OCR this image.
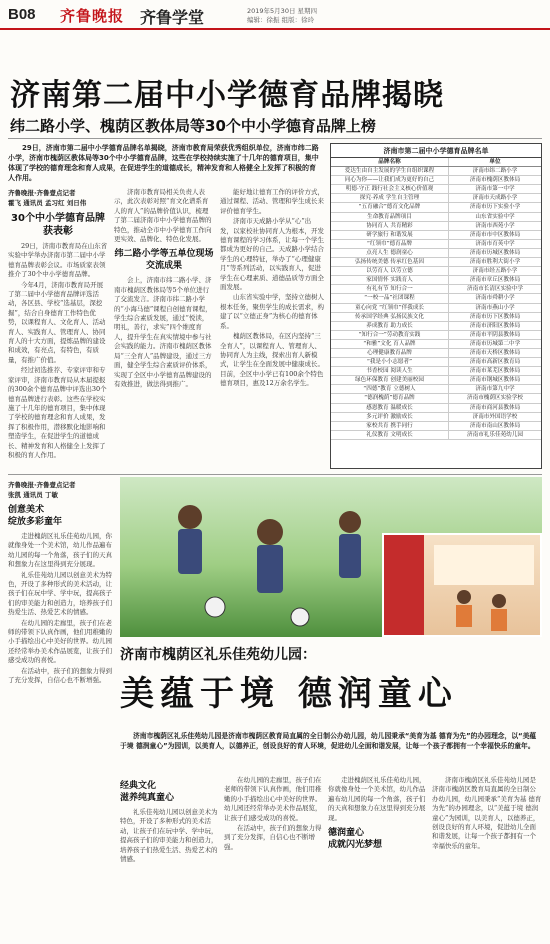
B08 齐鲁晚报 齐鲁学堂	2019年5月30日 星期四
编辑：徐振 组版：徐玲
济南第二届中小学德育品牌揭晓
纬二路小学、槐荫区教体局等30个中小学德育品牌上榜

29日，济南市第二届中小学德育品牌名单揭晓，济南市教育局荣获优秀组织单位，济南市纬二路小学，济南市槐荫区教体局等30个中小学德育品牌，这些在学校持续实施了十几年的德育项目，集中体现了学校的德育理念和育人成果，在促进学生的道德成长，精神发育和人格健全上发挥了积极的育人作用。

齐鲁晚报·齐鲁壹点记者
霍飞 通讯员 孟习红 刘日伟
30个中小学德育品牌获表彰

29日，济南市教育局在山东省实验中学举办济南市第二届中小学德育品牌表彰会议。市场质家表领推介了30个中小学德育品牌。

今年4月，济南市教育局开展了第二届中小学德育品牌评选活动，各区县、学校“选基层，深挖掘”，结合自身德育工作特色优势，以课程育人、文化育人、活动育人、实践育人、管理育人、协同育人的十大方面，提炼品牌的建设和成效，有亮点，有特色，有质量，有推广价值。

经过初选推荐、专家评审和专家评审，济南市教育局从本届提报的300余个德育品牌中评选出30个德育品牌进行表彰。这些在学校实施了十几年的德育项目，集中体现了学校的德育理念和育人成果，发挥了积极作用，潜移默化地影响和塑造学生，在促进学生的道德成长、精神发育和人格健全上发挥了积极的育人作用。

济南市教育局相关负责人表示，此次表彰对照“育文化谱系育人的育人”的品牌价值认识，梳理了第二届济南市中小学德育品牌的特色，推动全市中小学德育工作向更实效、品牌化、特色化发展。

纬二路小学等五单位现场交流成果

会上，济南市纬二路小学、济南市槐荫区教体局等5个单位进行了交流发言。济南市纬二路小学的“小海马德”课程自创德育课程，学生综合素质发展，通过“悦读，明礼，善行，求实”四个维度育人，提升学生在真实情境中参与社会实践的能力。济南市槐荫区教体局“三全育人”品牌建设，通过三方面，健全学生综合素质评价体系，实现了全区中小学德育品牌建设的有效推进，做法得到推广。

能好地让德育工作的评价方式，通过课程、活动、管理和学生成长来评价德育学生。

济南市天成路小学从“心”出发，以家校社协同育人为根本，开发德育课程的学习体系，让每一个学生都成为更好的自己。天成路小学结合学生的心理特征，举办了“心理健康月”等系列活动，以实践育人，促进学生在心理素质、道德品质等方面全面发展。

山东省实验中学，坚持立德树人根本任务，聚焦学生的成长需求，构建了以“立德正身”为核心的德育体系。

槐荫区教体局，在区内坚持“三全育人”，以课程育人、管理育人、协同育人为主线，探索出育人新模式，让学生在全面发展中健康成长。目前，全区中小学已有100余个特色德育项目，惠及12万余名学生。

济南市第二届中小学德育品牌名单
品牌名称	单位
爱达生由自主发展的学生自组织课程	济南市纬二路小学
同心为你——让我们成为更好的自己	济南市槐荫区教体局
明德·守正 践行社会主义核心价值观	济南市第一中学
探究·养成 学生自主管理	济南市天成路小学
“五育融合”德育文化品牌	济南市历下实验小学
生命教育品牌项目	山东省实验中学
协同育人 共育精彩	济南市西苑小学
研学旅行 和谐发展	济南市市中区教体局
“红领巾”德育品牌	济南市育英中学
点亮人生 德润童心	济南市历城区教体局
弘扬传统美德 传承红色基因	济南市胜利大街小学
以劳育人 以劳立德	济南市经五路小学
家国情怀 实践育人	济南市章丘区教体局
有礼有节 知行合一	济南市长清区实验中学
“一校一品”社团课程	济南市舜耕小学
童心向党 “红领巾”伴我成长	济南市燕山小学
传承国学经典 弘扬民族文化	济南市历下区教体局
养成教育 助力成长	济南市济阳区教体局
“知行合一”劳动教育实践	济南市平阴县教体局
“和雅”文化 育人品牌	济南市历城第二中学
心理健康教育品牌	济南市天桥区教体局
“我是小小志愿者”	济南市高新区教育局
书香校园 阅读人生	济南市莱芜区教体局
绿色环保教育 创建美丽校园	济南市钢城区教体局
“四德”教育 立德树人	济南市第九中学
“德润槐荫”德育品牌	济南市槐荫区实验学校
感恩教育 温暖成长	济南市商河县教体局
多元评价 激励成长	济南市外国语学校
家校共育 携手同行	济南市南山区教体局
礼仪教育 文明成长	济南市礼乐佳苑幼儿园
齐鲁晚报·齐鲁壹点记者
张凯 通讯员 丁敏
创意美术
绽放多彩童年

走进槐荫区礼乐佳苑幼儿园，你就像身处一个美术馆，幼儿作品遍布幼儿园的每一个角落，孩子们的天真和想象力在这里得到充分展现。

礼乐佳苑幼儿园以创意美术为特色，开设了多种形式的美术活动，让孩子们在玩中学、学中玩，提高孩子们的审美能力和创造力，培养孩子们热爱生活、热爱艺术的情感。

在幼儿园的走廊里，孩子们在老师的带领下认真作画，他们用稚嫩的小手描绘出心中美好的世界。幼儿园还经常举办美术作品展览，让孩子们感受成功的喜悦。

在活动中，孩子们的想象力得到了充分发挥，自信心也不断增强。

济南市槐荫区礼乐佳苑幼儿园：
美蕴于境 德润童心

济南市槐荫区礼乐佳苑幼儿园是济南市槐荫区教育局直属的全日制公办幼儿园，幼儿园秉承“美育为基 德育为先”的办园理念，以“美蕴于境 德润童心”为园训，以美育人，以德养正，创设良好的育人环境，促进幼儿全面和谐发展，让每一个孩子都拥有一个幸福快乐的童年。

经典文化
滋养纯真童心

礼乐佳苑幼儿园以创意美术为特色，开设了多种形式的美术活动，让孩子们在玩中学、学中玩，提高孩子们的审美能力和创造力，培养孩子们热爱生活、热爱艺术的情感。

在幼儿园的走廊里，孩子们在老师的带领下认真作画，他们用稚嫩的小手描绘出心中美好的世界。幼儿园还经常举办美术作品展览，让孩子们感受成功的喜悦。

在活动中，孩子们的想象力得到了充分发挥，自信心也不断增强。

走进槐荫区礼乐佳苑幼儿园，你就像身处一个美术馆，幼儿作品遍布幼儿园的每一个角落，孩子们的天真和想象力在这里得到充分展现。

德润童心
成就闪光梦想

济南市槐荫区礼乐佳苑幼儿园是济南市槐荫区教育局直属的全日制公办幼儿园，幼儿园秉承“美育为基 德育为先”的办园理念，以“美蕴于境 德润童心”为园训，以美育人，以德养正，创设良好的育人环境，促进幼儿全面和谐发展，让每一个孩子都拥有一个幸福快乐的童年。
